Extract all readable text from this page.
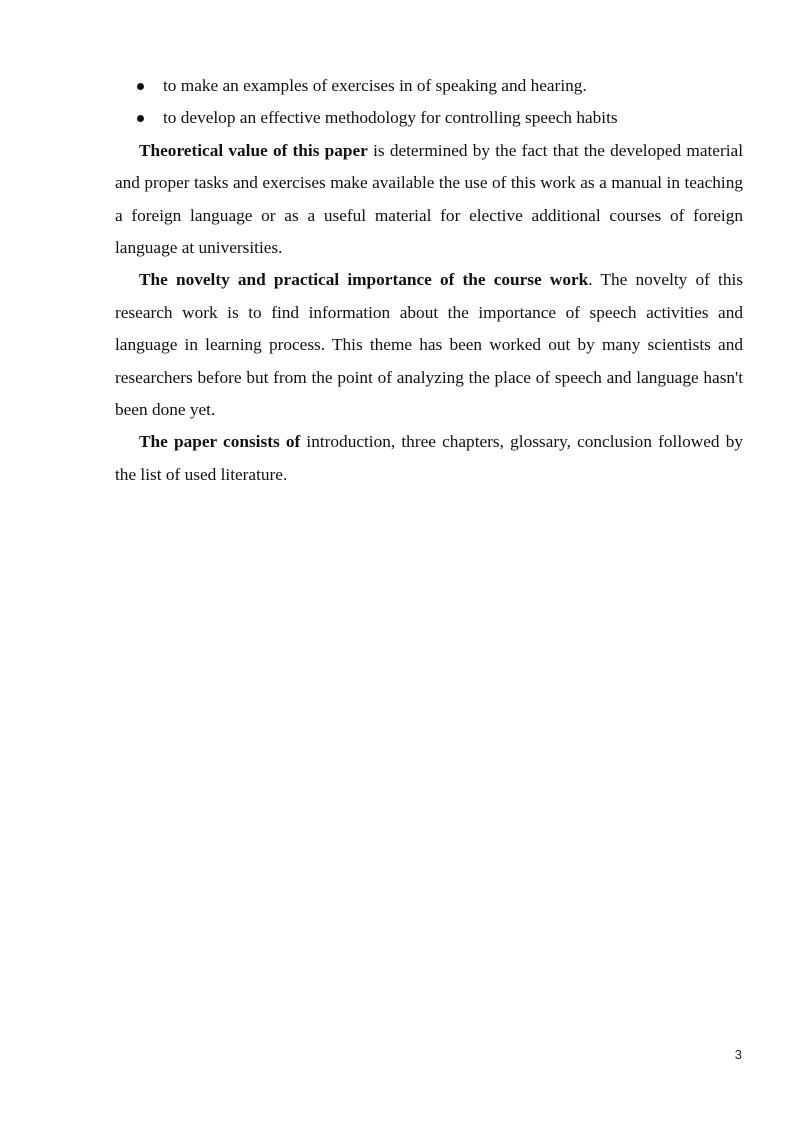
to make an examples of exercises in of speaking and hearing.
to develop an effective methodology for controlling speech habits

Theoretical value of this paper is determined by the fact that the developed material and proper tasks and exercises make available the use of this work as a manual in teaching a foreign language or as a useful material for elective additional courses of foreign language at universities.

The novelty and practical importance of the course work. The novelty of this research work is to find information about the importance of speech activities and language in learning process. This theme has been worked out by many scientists and researchers before but from the point of analyzing the place of speech and language hasn't been done yet.

The paper consists of introduction, three chapters, glossary, conclusion followed by the list of used literature.

3
